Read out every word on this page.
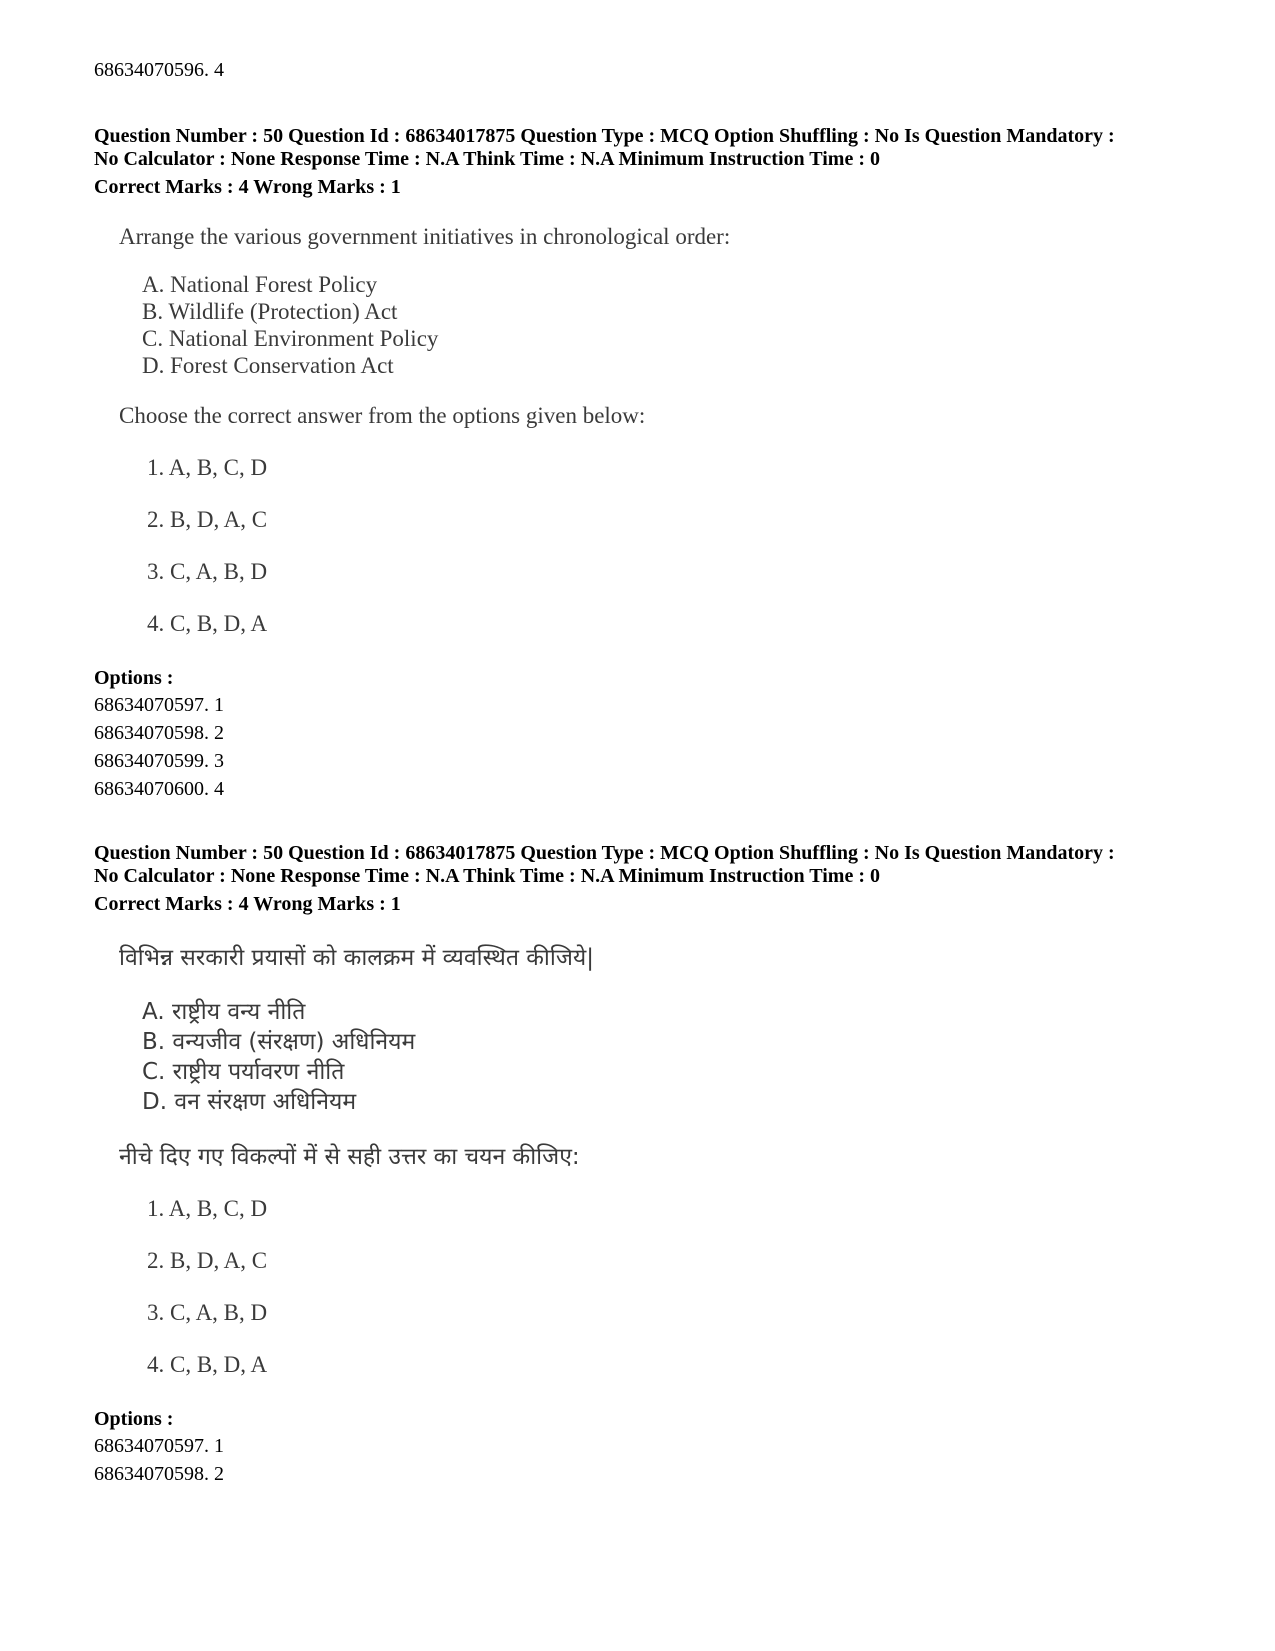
68634070596. 4
Question Number : 50 Question Id : 68634017875 Question Type : MCQ Option Shuffling : No Is Question Mandatory :
No Calculator : None Response Time : N.A Think Time : N.A Minimum Instruction Time : 0
Correct Marks : 4 Wrong Marks : 1
Arrange the various government initiatives in chronological order:
A. National Forest Policy
B. Wildlife (Protection) Act
C. National Environment Policy
D. Forest Conservation Act
Choose the correct answer from the options given below:
1. A, B, C, D
2. B, D, A, C
3. C, A, B, D
4. C, B, D, A
Options :
68634070597. 1
68634070598. 2
68634070599. 3
68634070600. 4
Question Number : 50 Question Id : 68634017875 Question Type : MCQ Option Shuffling : No Is Question Mandatory :
No Calculator : None Response Time : N.A Think Time : N.A Minimum Instruction Time : 0
Correct Marks : 4 Wrong Marks : 1
विभिन्न सरकारी प्रयासों को कालक्रम में व्यवस्थित कीजिये|
A. राष्ट्रीय वन्य नीति
B. वन्यजीव (संरक्षण) अधिनियम
C. राष्ट्रीय पर्यावरण नीति
D. वन संरक्षण अधिनियम
नीचे दिए गए विकल्पों में से सही उत्तर का चयन कीजिए:
1. A, B, C, D
2. B, D, A, C
3. C, A, B, D
4. C, B, D, A
Options :
68634070597. 1
68634070598. 2
